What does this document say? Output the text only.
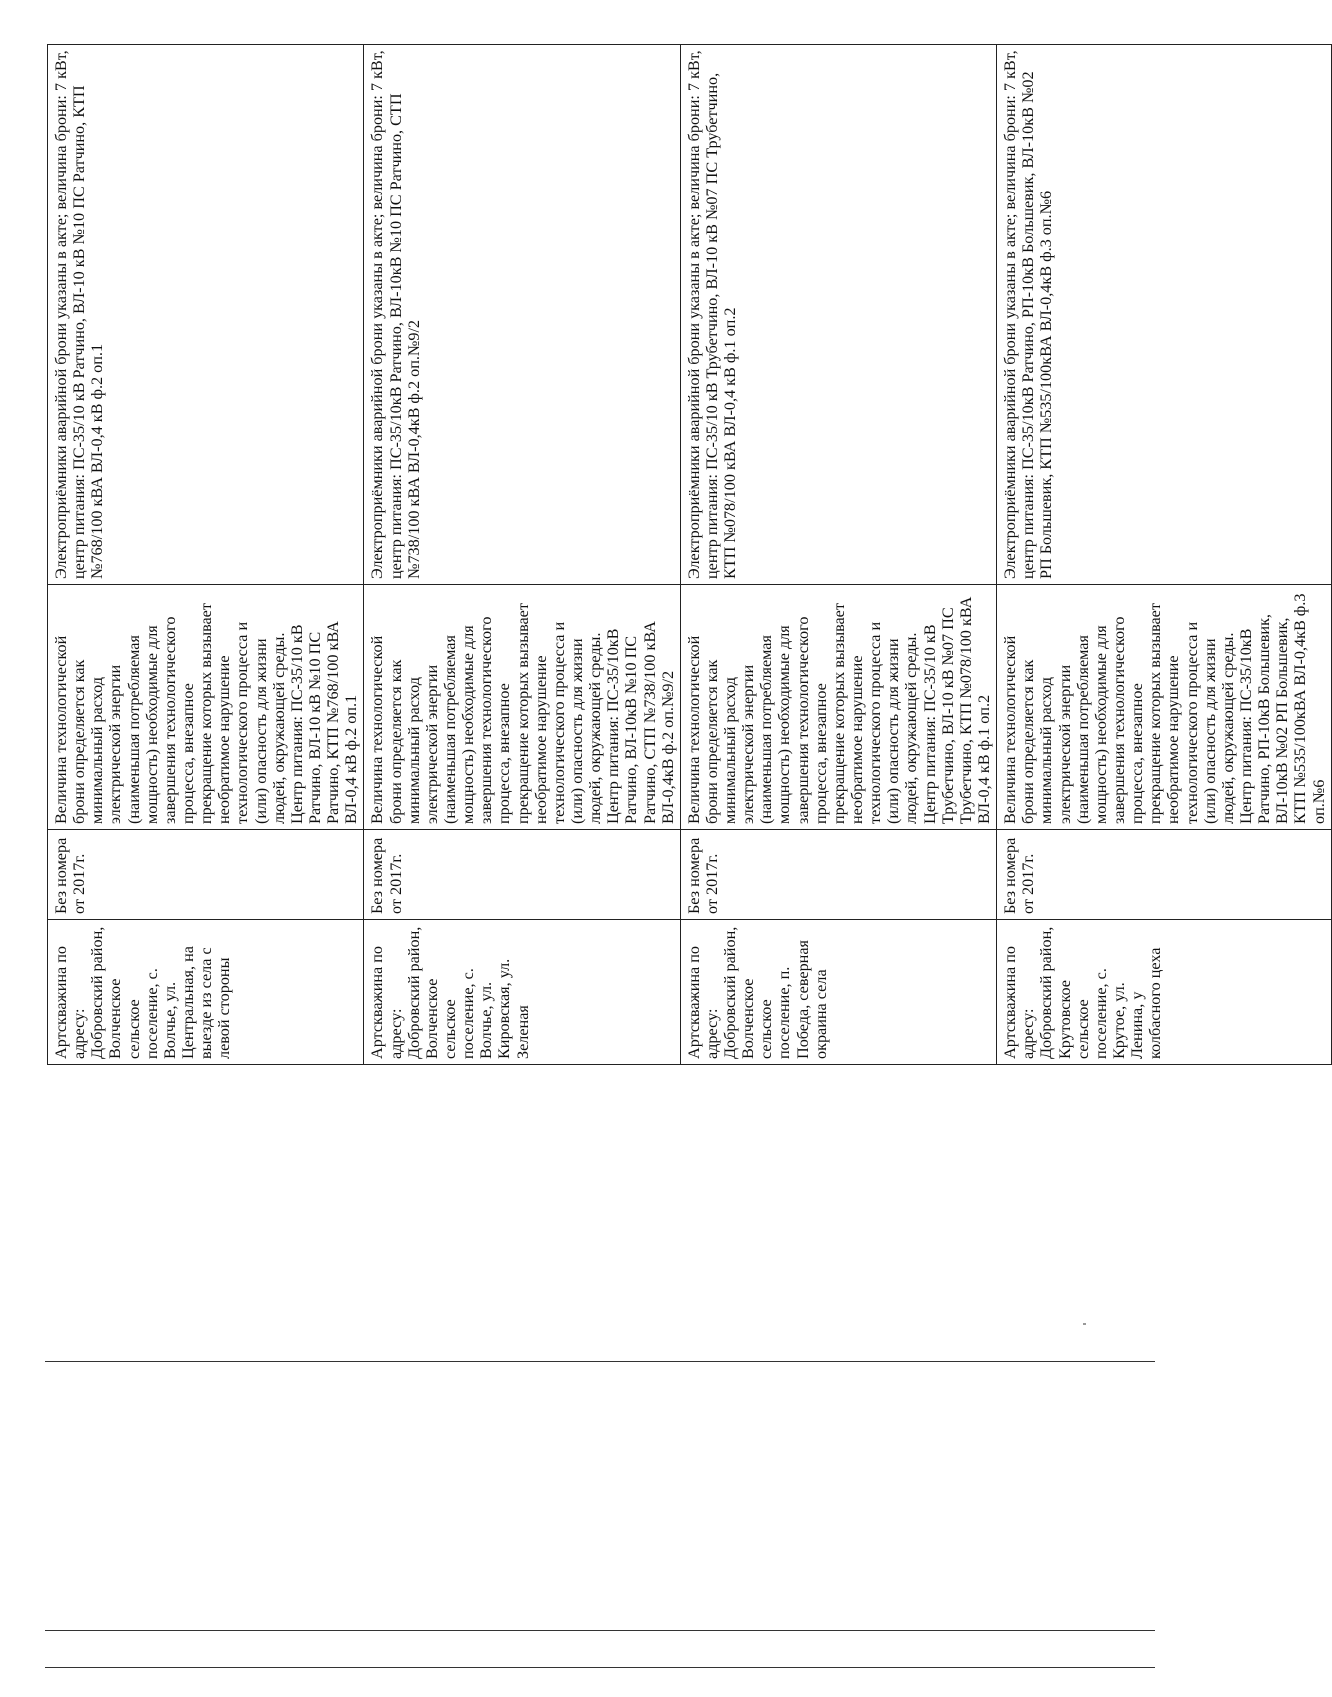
Артскважина по адресу: Добровский район, Волченское сельское поселение, с. Волчье, ул. Центральная, на выезде из села с левой стороны	Без номера от 2017г.	Величина технологической брони определяется как минимальный расход электрической энергии (наименьшая потребляемая мощность) необходимые для завершения технологического процесса, внезапное прекращение которых вызывает необратимое нарушение технологического процесса и (или) опасность для жизни людей, окружающей среды. Центр питания: ПС-35/10 кВ Ратчино, ВЛ-10 кВ №10 ПС Ратчино, КТП №768/100 кВА ВЛ-0,4 кВ ф.2 оп.1	Электроприёмники аварийной брони указаны в акте; величина брони: 7 кВт, центр питания: ПС-35/10 кВ Ратчино, ВЛ-10 кВ №10 ПС Ратчино, КТП №768/100 кВА ВЛ-0,4 кВ ф.2 оп.1
Артскважина по адресу: Добровский район, Волченское сельское поселение, с. Волчье, ул. Кировская, ул. Зеленая	Без номера от 2017г.	Величина технологической брони определяется как минимальный расход электрической энергии (наименьшая потребляемая мощность) необходимые для завершения технологического процесса, внезапное прекращение которых вызывает необратимое нарушение технологического процесса и (или) опасность для жизни людей, окружающей среды. Центр питания: ПС-35/10кВ Ратчино, ВЛ-10кВ №10 ПС Ратчино, СТП №738/100 кВА ВЛ-0,4кВ ф.2 оп.№9/2	Электроприёмники аварийной брони указаны в акте; величина брони: 7 кВт, центр питания: ПС-35/10кВ Ратчино, ВЛ-10кВ №10 ПС Ратчино, СТП №738/100 кВА ВЛ-0,4кВ ф.2 оп.№9/2
Артскважина по адресу: Добровский район, Волченское сельское поселение, п. Победа, северная окраина села	Без номера от 2017г.	Величина технологической брони определяется как минимальный расход электрической энергии (наименьшая потребляемая мощность) необходимые для завершения технологического процесса, внезапное прекращение которых вызывает необратимое нарушение технологического процесса и (или) опасность для жизни людей, окружающей среды. Центр питания: ПС-35/10 кВ Трубетчино, ВЛ-10 кВ №07 ПС Трубетчино, КТП №078/100 кВА ВЛ-0,4 кВ ф.1 оп.2	Электроприёмники аварийной брони указаны в акте; величина брони: 7 кВт, центр питания: ПС-35/10 кВ Трубетчино, ВЛ-10 кВ №07 ПС Трубетчино, КТП №078/100 кВА ВЛ-0,4 кВ ф.1 оп.2
Артскважина по адресу: Добровский район, Крутовское сельское поселение, с. Крутое, ул. Ленина, у колбасного цеха	Без номера от 2017г.	Величина технологической брони определяется как минимальный расход электрической энергии (наименьшая потребляемая мощность) необходимые для завершения технологического процесса, внезапное прекращение которых вызывает необратимое нарушение технологического процесса и (или) опасность для жизни людей, окружающей среды. Центр питания: ПС-35/10кВ Ратчино, РП-10кВ Большевик, ВЛ-10кВ №02 РП Большевик, КТП №535/100кВА ВЛ-0,4кВ ф.3 оп.№6	Электроприёмники аварийной брони указаны в акте; величина брони: 7 кВт, центр питания: ПС-35/10кВ Ратчино, РП-10кВ Большевик, ВЛ-10кВ №02 РП Большевик, КТП №535/100кВА ВЛ-0,4кВ ф.3 оп.№6
